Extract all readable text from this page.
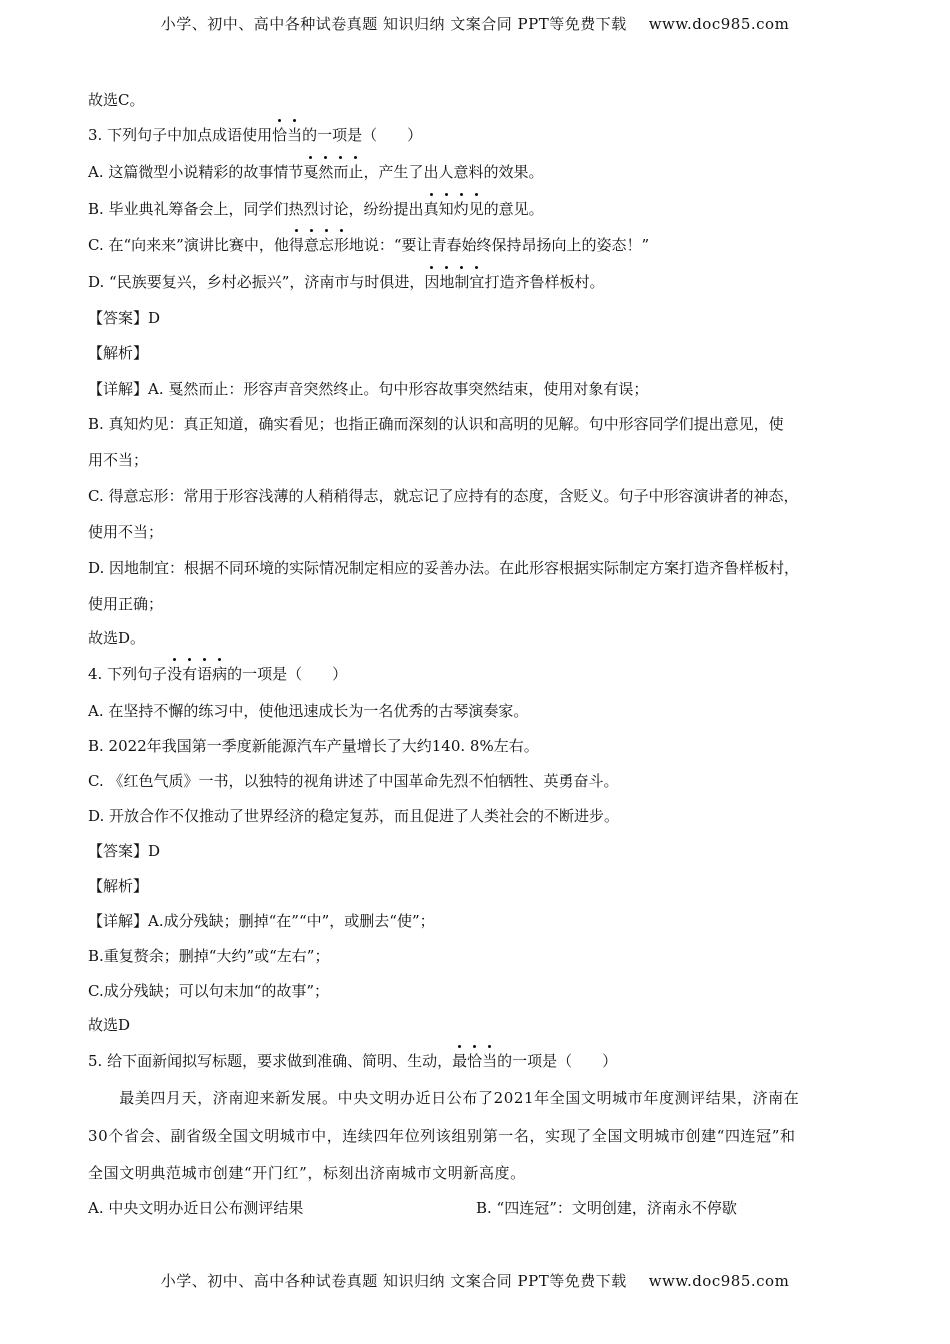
小学、初中、高中各种试卷真题 知识归纳 文案合同 PPT等免费下载 www.doc985.com
故选C。
3. 下列句子中加点成语使用恰当的一项是（　　）
A. 这篇微型小说精彩的故事情节戛然而止，产生了出人意料的效果。
B. 毕业典礼筹备会上，同学们热烈讨论，纷纷提出真知灼见的意见。
C. 在“向来来”演讲比赛中，他得意忘形地说：“要让青春始终保持昂扬向上的姿态！”
D. “民族要复兴，乡村必振兴”，济南市与时俱进，因地制宜打造齐鲁样板村。
【答案】D
【解析】
【详解】A. 戛然而止：形容声音突然终止。句中形容故事突然结束，使用对象有误；
B. 真知灼见：真正知道，确实看见；也指正确而深刻的认识和高明的见解。句中形容同学们提出意见，使
用不当；
C. 得意忘形：常用于形容浅薄的人稍稍得志，就忘记了应持有的态度，含贬义。句子中形容演讲者的神态，
使用不当；
D. 因地制宜：根据不同环境的实际情况制定相应的妥善办法。在此形容根据实际制定方案打造齐鲁样板村，
使用正确；
故选D。
4. 下列句子没有语病的一项是（　　）
A. 在坚持不懈的练习中，使他迅速成长为一名优秀的古琴演奏家。
B. 2022年我国第一季度新能源汽车产量增长了大约140. 8%左右。
C. 《红色气质》一书，以独特的视角讲述了中国革命先烈不怕牺牲、英勇奋斗。
D. 开放合作不仅推动了世界经济的稳定复苏，而且促进了人类社会的不断进步。
【答案】D
【解析】
【详解】A.成分残缺；删掉“在”“中”，或删去“使”；
B.重复赘余；删掉“大约”或“左右”；
C.成分残缺；可以句末加“的故事”；
故选D
5. 给下面新闻拟写标题，要求做到准确、简明、生动，最恰当的一项是（　　）
　　最美四月天，济南迎来新发展。中央文明办近日公布了2021年全国文明城市年度测评结果，济南在
30个省会、副省级全国文明城市中，连续四年位列该组别第一名，实现了全国文明城市创建“四连冠”和
全国文明典范城市创建“开门红”，标刻出济南城市文明新高度。
A. 中央文明办近日公布测评结果	B. “四连冠”：文明创建，济南永不停歇
小学、初中、高中各种试卷真题 知识归纳 文案合同 PPT等免费下载 www.doc985.com
